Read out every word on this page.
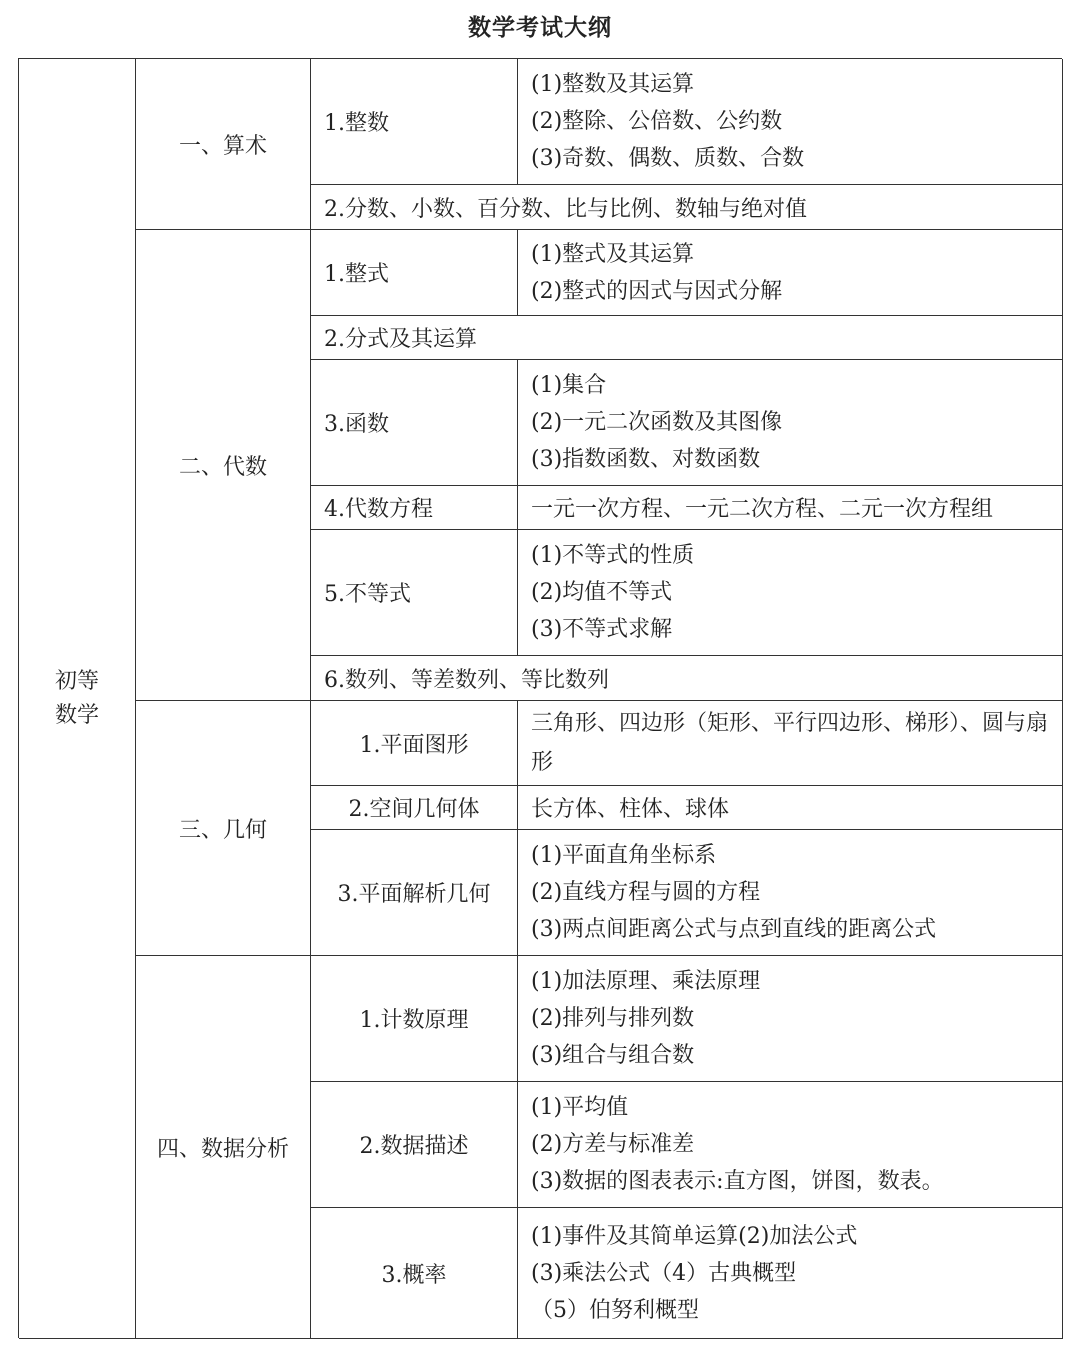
数学考试大纲
初等
数学
一、算术
1.整数
(1)整数及其运算
(2)整除、公倍数、公约数
(3)奇数、偶数、质数、合数
2.分数、小数、百分数、比与比例、数轴与绝对值
二、代数
1.整式
(1)整式及其运算
(2)整式的因式与因式分解
2.分式及其运算
3.函数
(1)集合
(2)一元二次函数及其图像
(3)指数函数、对数函数
4.代数方程	一元一次方程、一元二次方程、二元一次方程组
5.不等式
(1)不等式的性质
(2)均值不等式
(3)不等式求解
6.数列、等差数列、等比数列
三、几何
1.平面图形
三角形、四边形（矩形、平行四边形、梯形）、圆与扇形
2.空间几何体 长方体、柱体、球体
3.平面解析几何
(1)平面直角坐标系
(2)直线方程与圆的方程
(3)两点间距离公式与点到直线的距离公式
四、数据分析
1.计数原理
(1)加法原理、乘法原理
(2)排列与排列数
(3)组合与组合数
2.数据描述
(1)平均值
(2)方差与标准差
(3)数据的图表表示:直方图，饼图，数表。
3.概率
(1)事件及其简单运算(2)加法公式
(3)乘法公式（4）古典概型
（5）伯努利概型
